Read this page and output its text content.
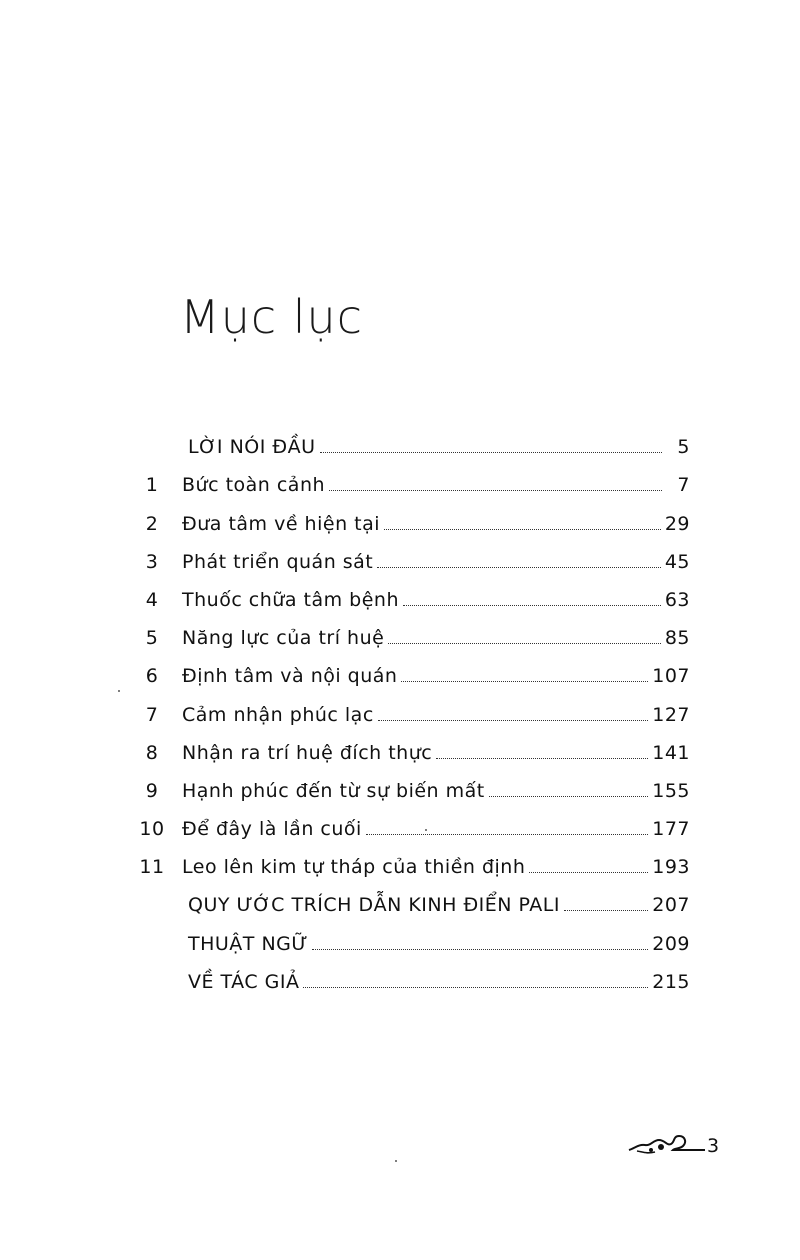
Mục lục
LỜI NÓI ĐẦU	5
1	Bức toàn cảnh	7
2	Đưa tâm về hiện tại	29
3	Phát triển quán sát	45
4	Thuốc chữa tâm bệnh	63
5	Năng lực của trí huệ	85
6	Định tâm và nội quán	107
7	Cảm nhận phúc lạc	127
8	Nhận ra trí huệ đích thực	141
9	Hạnh phúc đến từ sự biến mất	155
10 Để đây là lần cuối	177
11 Leo lên kim tự tháp của thiền định	193
QUY ƯỚC TRÍCH DẪN KINH ĐIỂN PALI	207
THUẬT NGỮ	209
VỀ TÁC GIẢ	215
3
